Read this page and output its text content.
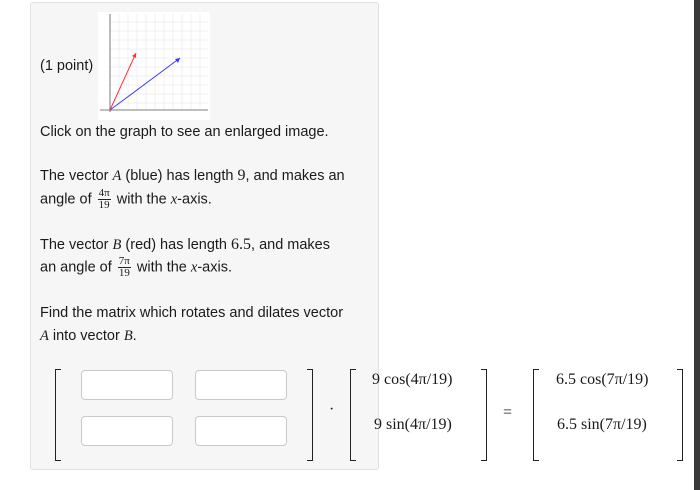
(1 point)
Click on the graph to see an enlarged image.
The vector A (blue) has length 9, and makes an
angle of $\frac{4\pi}{19}$ with the x-axis.
The vector B (red) has length 6.5, and makes
an angle of $\frac{7\pi}{19}$ with the x-axis.
Find the matrix which rotates and dilates vector
A into vector B.
·
9 cos(4π/19)
9 sin(4π/19)
=
6.5 cos(7π/19)
6.5 sin(7π/19)
